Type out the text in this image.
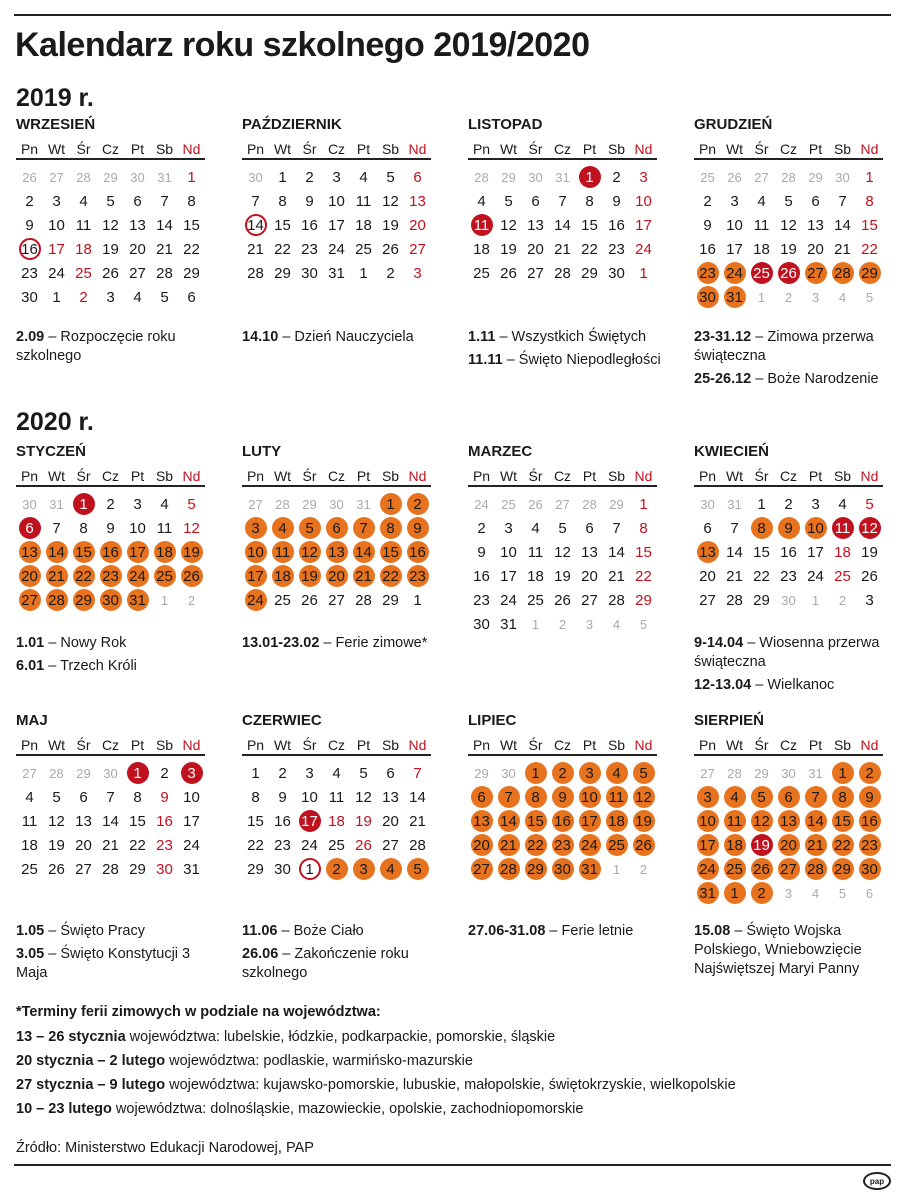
Kalendarz roku szkolnego 2019/2020
2019 r.
2020 r.
WRZESIEŃ
Pn Wt Śr Cz Pt Sb Nd
26 27 28 29 30 31	1
2	3	4	5	6	7	8
9 10 11 12 13 14 15
16 17 18 19 20 21 22
23 24 25 26 27 28 29
30 1	2	3	4	5	6
2.09 – Rozpoczęcie roku szkolnego
PAŹDZIERNIK
Pn Wt Śr Cz Pt Sb Nd
30	1	2	3	4	5	6
7	8	9 10 11 12 13
14 15 16 17 18 19 20
21 22 23 24 25 26 27
28 29 30 31 1	2	3
14.10 – Dzień Nauczyciela
LISTOPAD
Pn Wt Śr Cz Pt Sb Nd
28 29 30 31	1	2	3
4	5	6	7	8	9 10
11 12 13 14 15 16 17
18 19 20 21 22 23 24
25 26 27 28 29 30 1
1.11 – Wszystkich Świętych
11.11 – Święto Niepodległości
GRUDZIEŃ
Pn Wt Śr Cz Pt Sb Nd
25 26 27 28 29 30	1
2	3	4	5	6	7	8
9 10 11 12 13 14 15
16 17 18 19 20 21 22
23 24 25 26 27 28 29
30 31	1	2	3	4	5
23-31.12 – Zimowa przerwa świąteczna
25-26.12 – Boże Narodzenie
STYCZEŃ
Pn Wt Śr Cz Pt Sb Nd
30 31	1	2	3	4	5
6	7	8	9 10 11 12
13 14 15 16 17 18 19
20 21 22 23 24 25 26
27 28 29 30 31	1	2
1.01 – Nowy Rok
6.01 – Trzech Króli
LUTY
Pn Wt Śr Cz Pt Sb Nd
27 28 29 30 31	1	2
3	4	5	6	7	8	9
10 11 12 13 14 15 16
17 18 19 20 21 22 23
24 25 26 27 28 29 1
13.01-23.02 – Ferie zimowe*
MARZEC
Pn Wt Śr Cz Pt Sb Nd
24 25 26 27 28 29	1
2	3	4	5	6	7	8
9 10 11 12 13 14 15
16 17 18 19 20 21 22
23 24 25 26 27 28 29
30 31	1	2	3	4	5
KWIECIEŃ
Pn Wt Śr Cz Pt Sb Nd
30 31	1	2	3	4	5
6	7	8	9 10 11 12
13 14 15 16 17 18 19
20 21 22 23 24 25 26
27 28 29 30	1	2	3
9-14.04 – Wiosenna przerwa świąteczna
12-13.04 – Wielkanoc
MAJ
Pn Wt Śr Cz Pt Sb Nd
27 28 29 30	1	2	3
4	5	6	7	8	9 10
11 12 13 14 15 16 17
18 19 20 21 22 23 24
25 26 27 28 29 30 31
1.05 – Święto Pracy
3.05 – Święto Konstytucji 3 Maja
CZERWIEC
Pn Wt Śr Cz Pt Sb Nd
1	2	3	4	5	6	7
8	9 10 11 12 13 14
15 16 17 18 19 20 21
22 23 24 25 26 27 28
29 30 1	2	3	4	5
11.06 – Boże Ciało
26.06 – Zakończenie roku szkolnego
LIPIEC
Pn Wt Śr Cz Pt Sb Nd
29 30	1	2	3	4	5
6	7	8	9 10 11 12
13 14 15 16 17 18 19
20 21 22 23 24 25 26
27 28 29 30 31	1	2
27.06-31.08 – Ferie letnie
SIERPIEŃ
Pn Wt Śr Cz Pt Sb Nd
27 28 29 30 31	1	2
3	4	5	6	7	8	9
10 11 12 13 14 15 16
17 18 19 20 21 22 23
24 25 26 27 28 29 30
31 1	2	3	4	5	6
15.08 – Święto Wojska Polskiego, Wniebowzięcie Najświętszej Maryi Panny
*Terminy ferii zimowych w podziale na województwa:
13 – 26 stycznia województwa: lubelskie, łódzkie, podkarpackie, pomorskie, śląskie
20 stycznia – 2 lutego województwa: podlaskie, warmińsko-mazurskie
27 stycznia – 9 lutego województwa: kujawsko-pomorskie, lubuskie, małopolskie, świętokrzyskie, wielkopolskie
10 – 23 lutego województwa: dolnośląskie, mazowieckie, opolskie, zachodniopomorskie
Źródło: Ministerstwo Edukacji Narodowej, PAP
pap
